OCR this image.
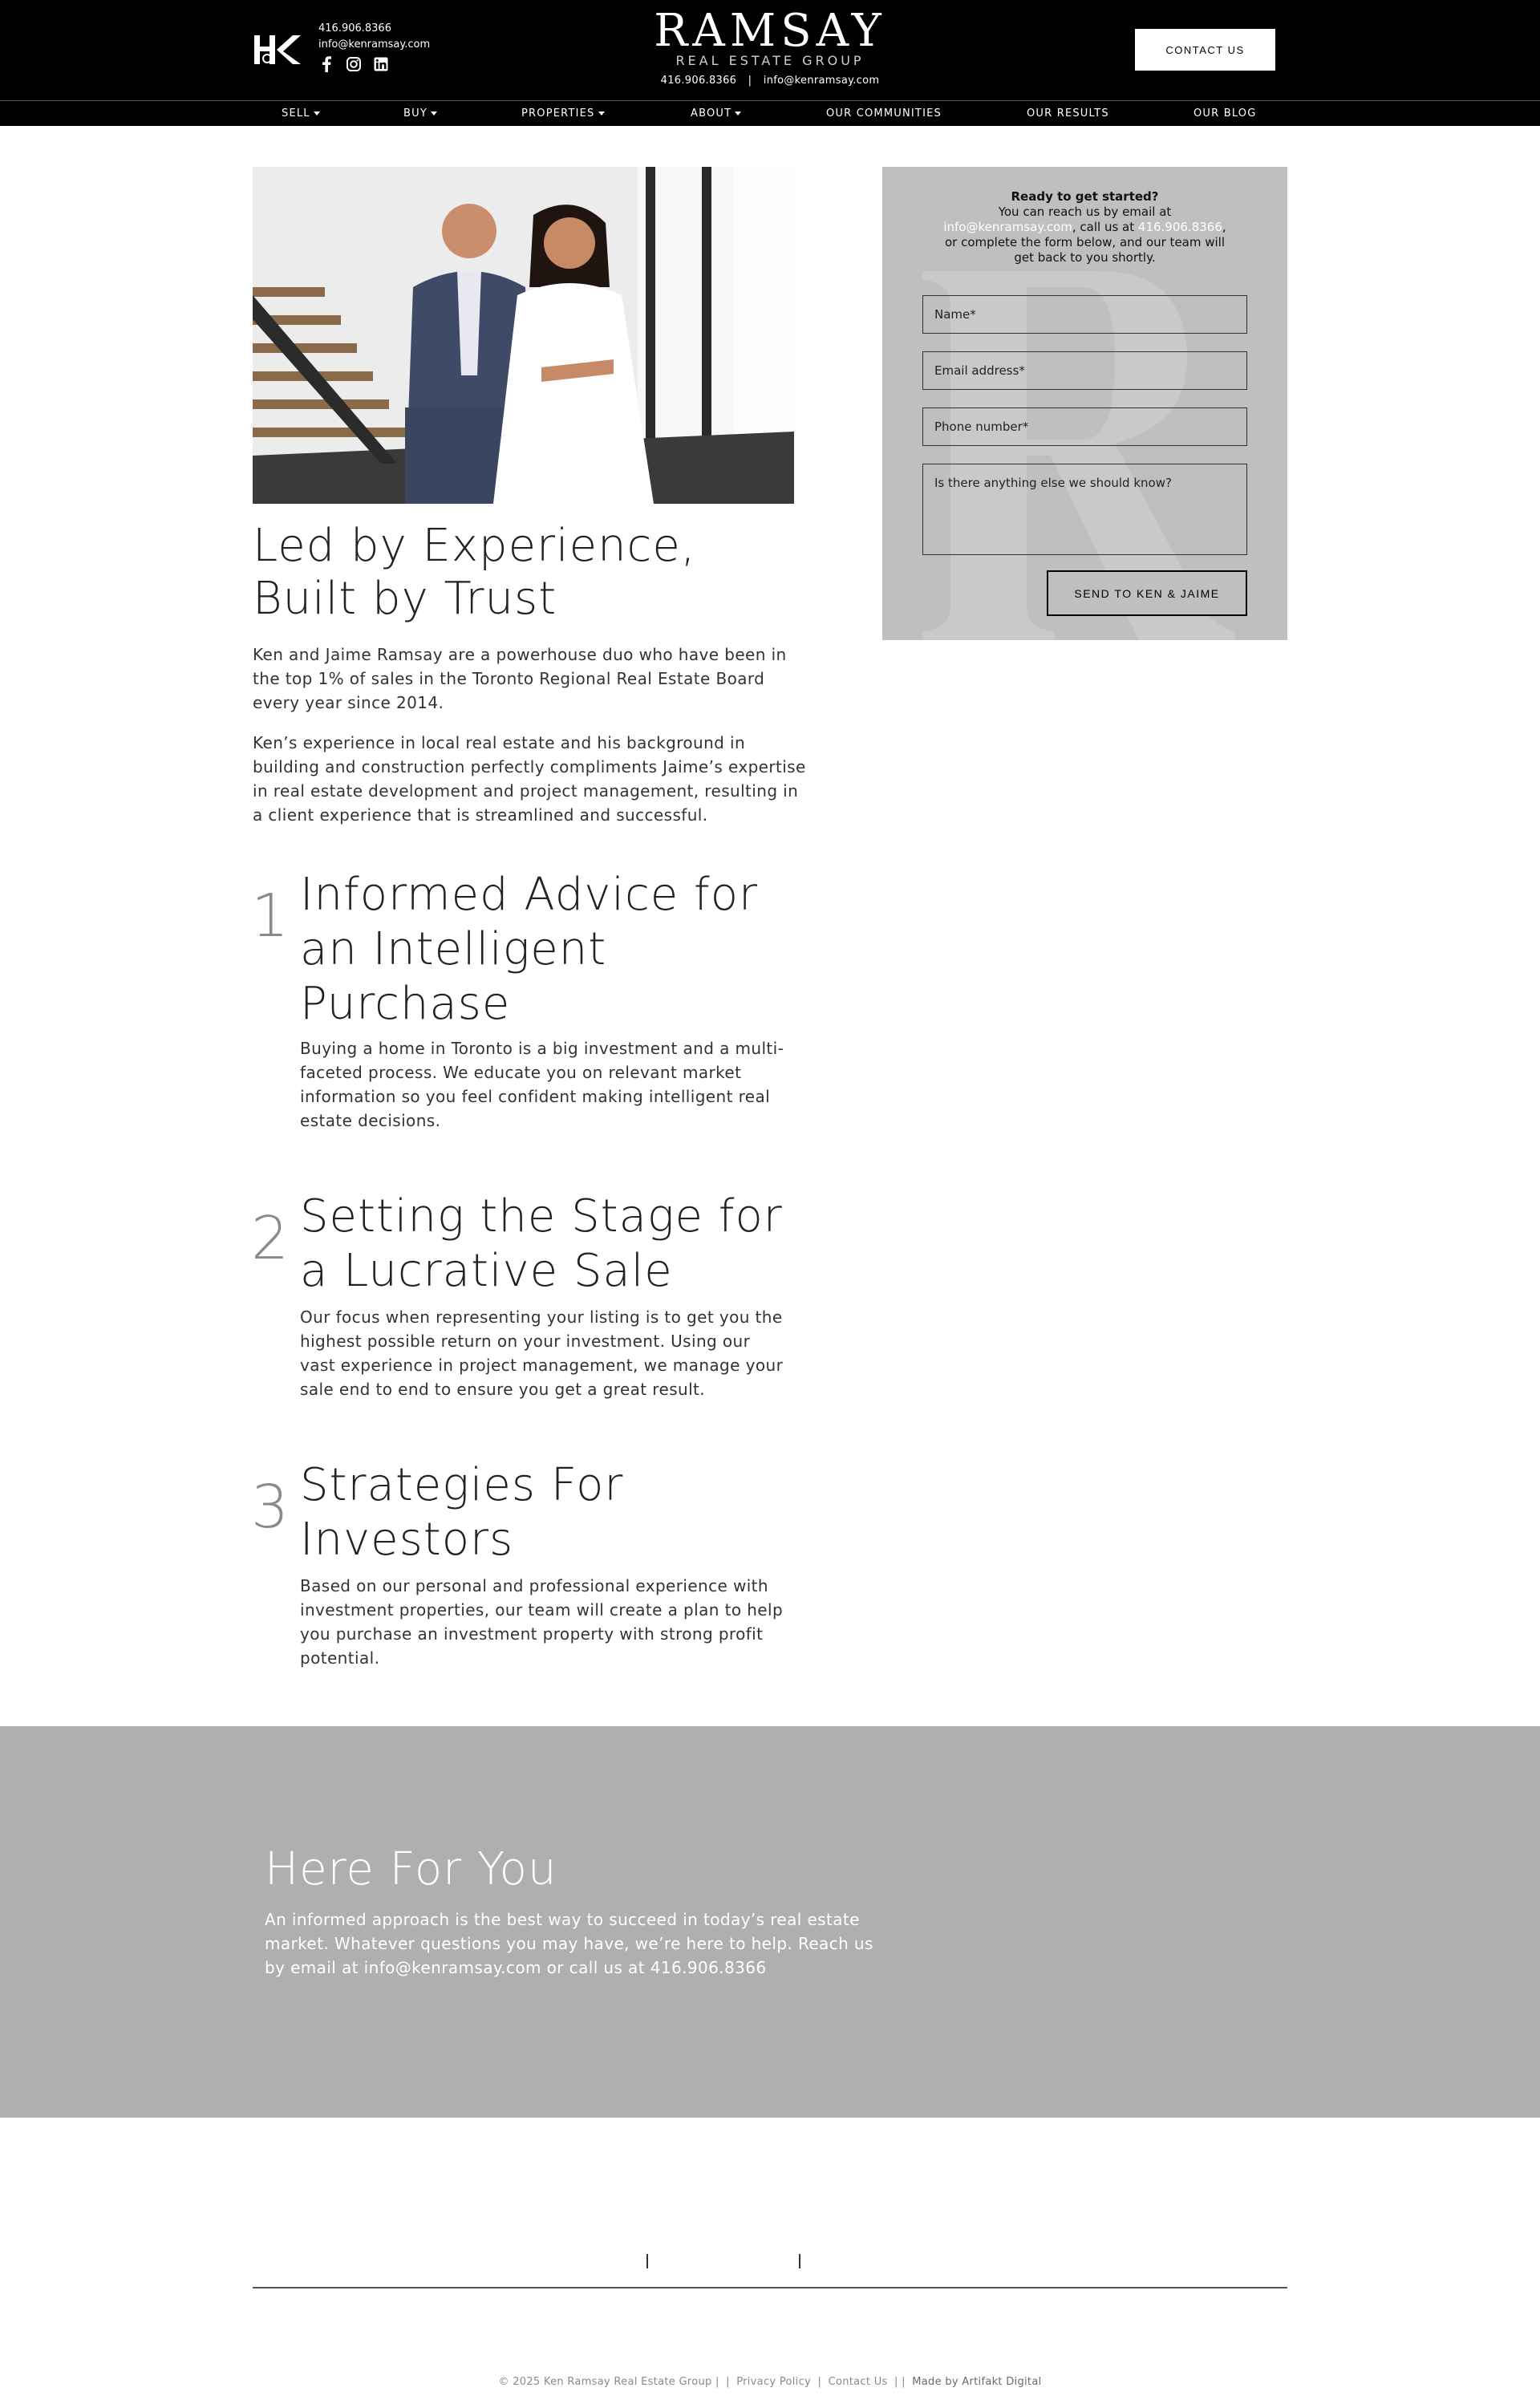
416.906.8366
info@kenramsay.com	RAMSAY
REAL ESTATE GROUP
416.906.8366 | info@kenramsay.com
CONTACT US
SELL	BUY	PROPERTIES	ABOUT	OUR COMMUNITIES	OUR RESULTS	OUR BLOG
Led by Experience,
Built by Trust

Ken and Jaime Ramsay are a powerhouse duo who have been in the top 1% of sales in the Toronto Regional Real Estate Board every year since 2014.

Ken’s experience in local real estate and his background in building and construction perfectly compliments Jaime’s expertise in real estate development and project management, resulting in a client experience that is streamlined and successful.

Ready to get started?
You can reach us by email at
info@kenramsay.com, call us at 416.906.8366,
or complete the form below, and our team will
get back to you shortly.
Name*
Email address*
Phone number*
Is there anything else we should know?
SEND TO KEN & JAIME
1 Informed Advice for an Intelligent Purchase

Buying a home in Toronto is a big investment and a multi-faceted process. We educate you on relevant market information so you feel confident making intelligent real estate decisions.

2 Setting the Stage for a Lucrative Sale

Our focus when representing your listing is to get you the highest possible return on your investment. Using our vast experience in project management, we manage your sale end to end to ensure you get a great result.

3 Strategies For Investors

Based on our personal and professional experience with investment properties, our team will create a plan to help you purchase an investment property with strong profit potential.

Here For You

An informed approach is the best way to succeed in today’s real estate market. Whatever questions you may have, we’re here to help. Reach us by email at info@kenramsay.com or call us at 416.906.8366

© 2025 Ken Ramsay Real Estate Group | | Privacy Policy | Contact Us | | Made by Artifakt Digital
